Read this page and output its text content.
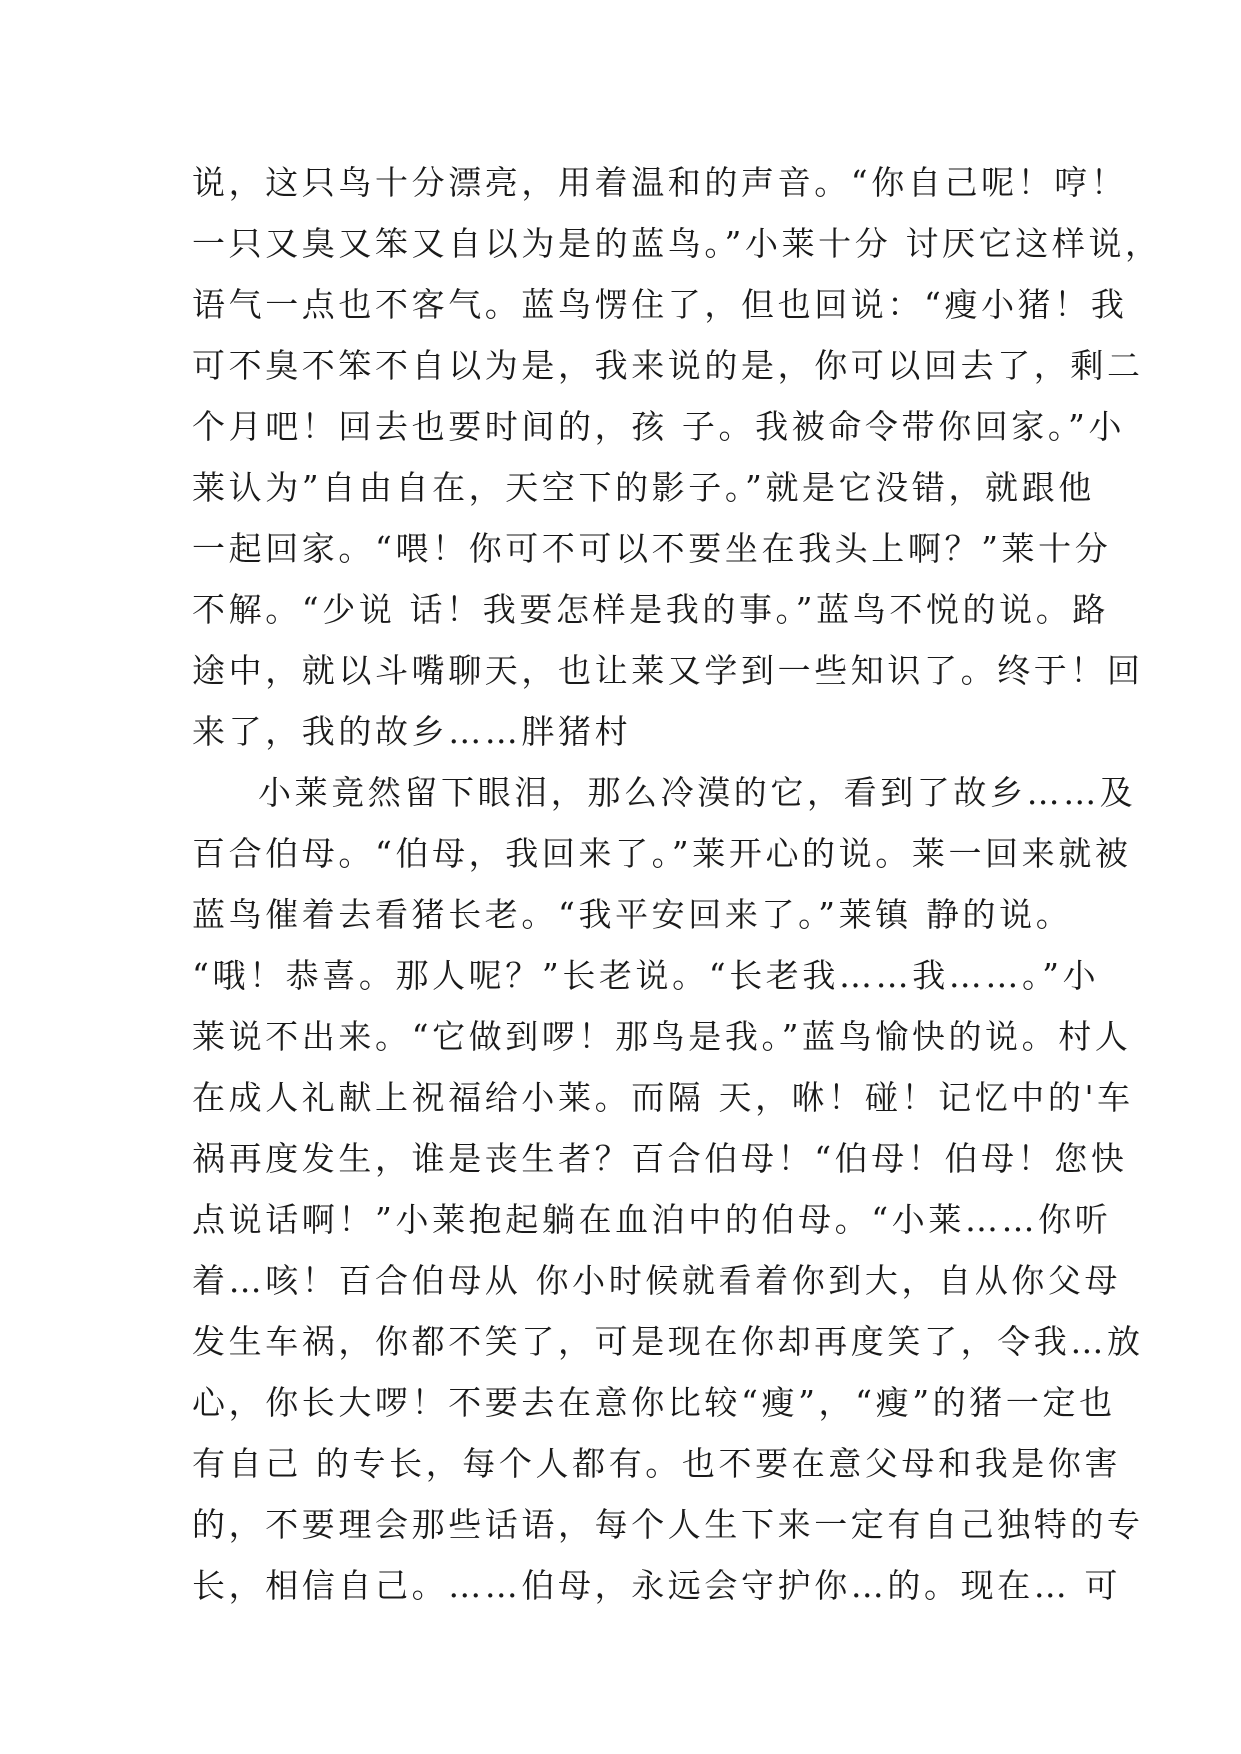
说，这只鸟十分漂亮，用着温和的声音。“你自己呢！哼！
一只又臭又笨又自以为是的蓝鸟。”小莱十分 讨厌它这样说，
语气一点也不客气。蓝鸟愣住了，但也回说：“瘦小猪！我
可不臭不笨不自以为是，我来说的是，你可以回去了，剩二
个月吧！回去也要时间的，孩 子。我被命令带你回家。”小
莱认为”自由自在，天空下的影子。”就是它没错，就跟他
一起回家。“喂！你可不可以不要坐在我头上啊？”莱十分
不解。“少说 话！我要怎样是我的事。”蓝鸟不悦的说。路
途中，就以斗嘴聊天，也让莱又学到一些知识了。终于！回
来了，我的故乡……胖猪村
小莱竟然留下眼泪，那么冷漠的它，看到了故乡……及
百合伯母。“伯母，我回来了。”莱开心的说。莱一回来就被
蓝鸟催着去看猪长老。“我平安回来了。”莱镇 静的说。
“哦！恭喜。那人呢？”长老说。“长老我……我……。”小
莱说不出来。“它做到啰！那鸟是我。”蓝鸟愉快的说。村人
在成人礼献上祝福给小莱。而隔 天，咻！碰！记忆中的'车
祸再度发生，谁是丧生者？百合伯母！“伯母！伯母！您快
点说话啊！”小莱抱起躺在血泊中的伯母。“小莱……你听
着…咳！百合伯母从 你小时候就看着你到大，自从你父母
发生车祸，你都不笑了，可是现在你却再度笑了，令我…放
心，你长大啰！不要去在意你比较“瘦”，“瘦”的猪一定也
有自己 的专长，每个人都有。也不要在意父母和我是你害
的，不要理会那些话语，每个人生下来一定有自己独特的专
长，相信自己。……伯母，永远会守护你…的。现在… 可
